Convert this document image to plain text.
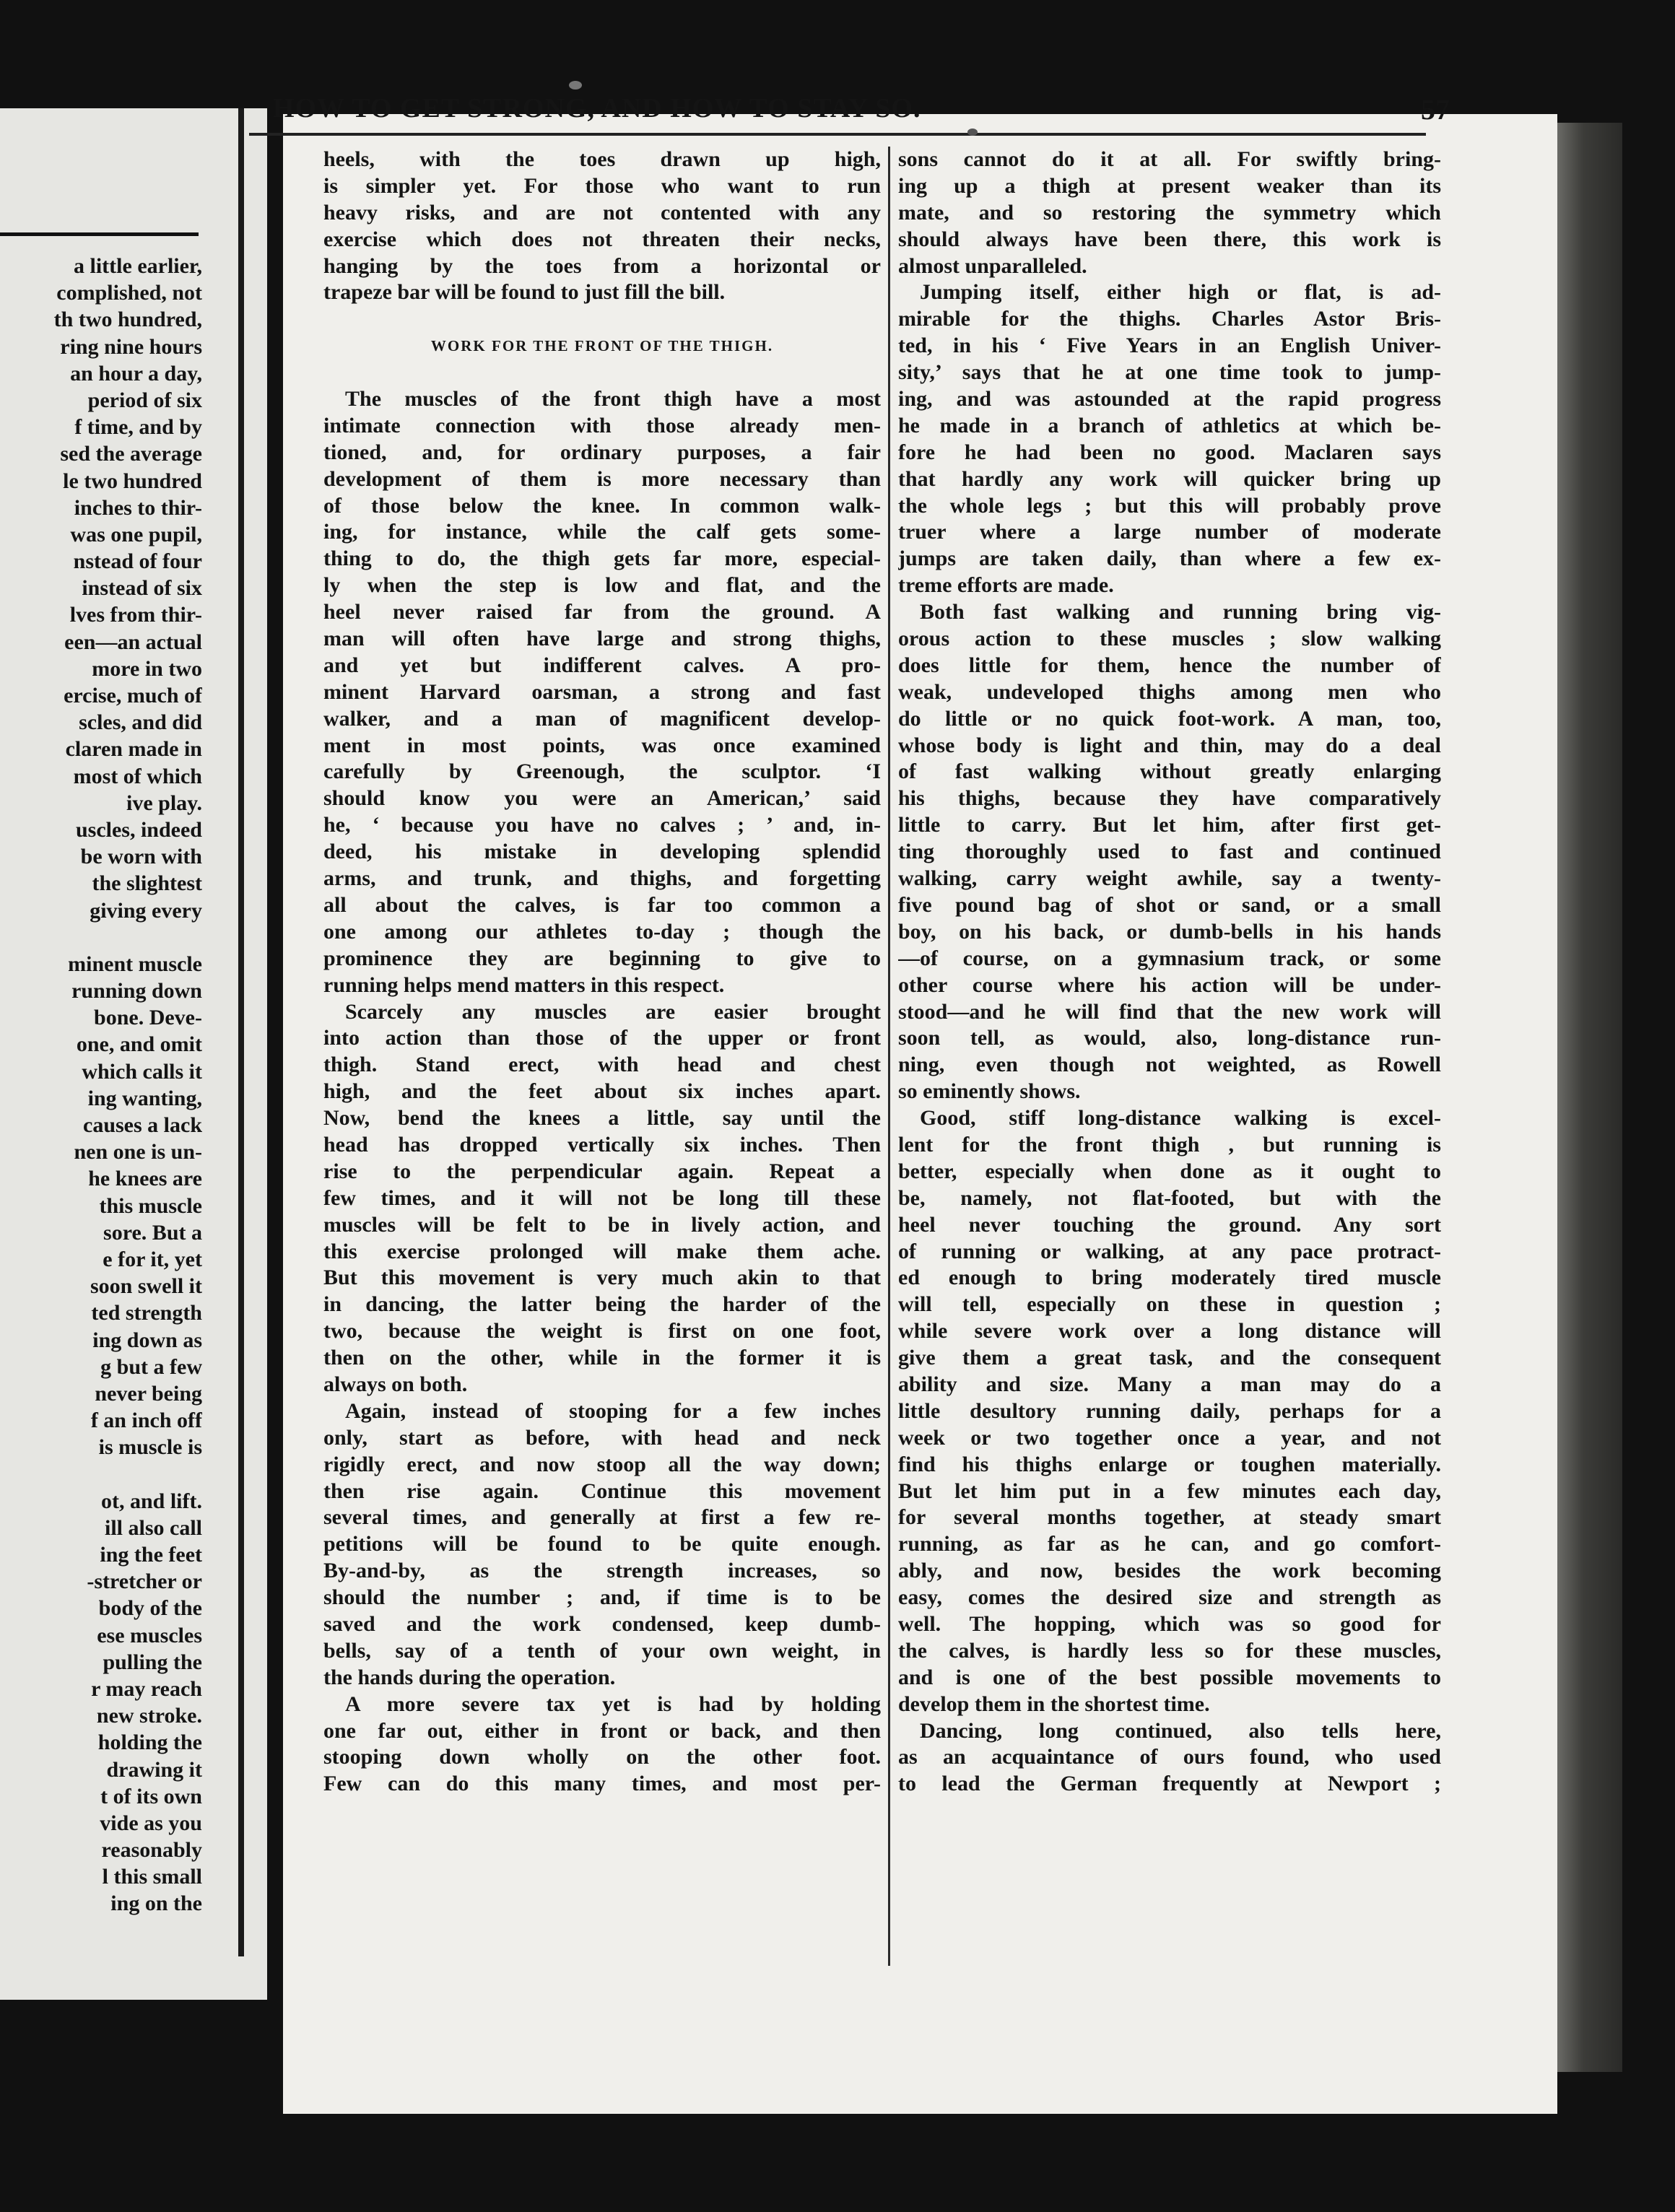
a little earlier,
complished, not
th two hundred,
ring nine hours
an hour a day,
period of six
f time, and by
sed the average
le two hundred
inches to thir-
was one pupil,
nstead of four
instead of six
lves from thir-
een—an actual
more in two
ercise, much of
scles, and did
claren made in
most of which
ive play.
uscles, indeed
be worn with
the slightest
giving every
minent muscle
running down
bone. Deve-
one, and omit
which calls it
ing wanting,
causes a lack
nen one is un-
he knees are
this muscle
sore. But a
e for it, yet
soon swell it
ted strength
ing down as
g but a few
never being
f an inch off
is muscle is
ot, and lift.
ill also call
ing the feet
-stretcher or
body of the
ese muscles
pulling the
r may reach
new stroke.
holding the
drawing it
t of its own
vide as you
reasonably
l this small
ing on the
HOW TO GET STRONG, AND HOW TO STAY SO.	57
heels, with the toes drawn up high,
is simpler yet. For those who want to run
heavy risks, and are not contented with any
exercise which does not threaten their necks,
hanging by the toes from a horizontal or
trapeze bar will be found to just fill the bill.
WORK FOR THE FRONT OF THE THIGH.
The muscles of the front thigh have a most
intimate connection with those already men-
tioned, and, for ordinary purposes, a fair
development of them is more necessary than
of those below the knee. In common walk-
ing, for instance, while the calf gets some-
thing to do, the thigh gets far more, especial-
ly when the step is low and flat, and the
heel never raised far from the ground. A
man will often have large and strong thighs,
and yet but indifferent calves. A pro-
minent Harvard oarsman, a strong and fast
walker, and a man of magnificent develop-
ment in most points, was once examined
carefully by Greenough, the sculptor. ‘I
should know you were an American,’ said
he, ‘ because you have no calves ; ’ and, in-
deed, his mistake in developing splendid
arms, and trunk, and thighs, and forgetting
all about the calves, is far too common a
one among our athletes to-day ; though the
prominence they are beginning to give to
running helps mend matters in this respect.
Scarcely any muscles are easier brought
into action than those of the upper or front
thigh. Stand erect, with head and chest
high, and the feet about six inches apart.
Now, bend the knees a little, say until the
head has dropped vertically six inches. Then
rise to the perpendicular again. Repeat a
few times, and it will not be long till these
muscles will be felt to be in lively action, and
this exercise prolonged will make them ache.
But this movement is very much akin to that
in dancing, the latter being the harder of the
two, because the weight is first on one foot,
then on the other, while in the former it is
always on both.
Again, instead of stooping for a few inches
only, start as before, with head and neck
rigidly erect, and now stoop all the way down;
then rise again. Continue this movement
several times, and generally at first a few re-
petitions will be found to be quite enough.
By-and-by, as the strength increases, so
should the number ; and, if time is to be
saved and the work condensed, keep dumb-
bells, say of a tenth of your own weight, in
the hands during the operation.
A more severe tax yet is had by holding
one far out, either in front or back, and then
stooping down wholly on the other foot.
Few can do this many times, and most per-
sons cannot do it at all. For swiftly bring-
ing up a thigh at present weaker than its
mate, and so restoring the symmetry which
should always have been there, this work is
almost unparalleled.
Jumping itself, either high or flat, is ad-
mirable for the thighs. Charles Astor Bris-
ted, in his ‘ Five Years in an English Univer-
sity,’ says that he at one time took to jump-
ing, and was astounded at the rapid progress
he made in a branch of athletics at which be-
fore he had been no good. Maclaren says
that hardly any work will quicker bring up
the whole legs ; but this will probably prove
truer where a large number of moderate
jumps are taken daily, than where a few ex-
treme efforts are made.
Both fast walking and running bring vig-
orous action to these muscles ; slow walking
does little for them, hence the number of
weak, undeveloped thighs among men who
do little or no quick foot-work. A man, too,
whose body is light and thin, may do a deal
of fast walking without greatly enlarging
his thighs, because they have comparatively
little to carry. But let him, after first get-
ting thoroughly used to fast and continued
walking, carry weight awhile, say a twenty-
five pound bag of shot or sand, or a small
boy, on his back, or dumb-bells in his hands
—of course, on a gymnasium track, or some
other course where his action will be under-
stood—and he will find that the new work will
soon tell, as would, also, long-distance run-
ning, even though not weighted, as Rowell
so eminently shows.
Good, stiff long-distance walking is excel-
lent for the front thigh , but running is
better, especially when done as it ought to
be, namely, not flat-footed, but with the
heel never touching the ground. Any sort
of running or walking, at any pace protract-
ed enough to bring moderately tired muscle
will tell, especially on these in question ;
while severe work over a long distance will
give them a great task, and the consequent
ability and size. Many a man may do a
little desultory running daily, perhaps for a
week or two together once a year, and not
find his thighs enlarge or toughen materially.
But let him put in a few minutes each day,
for several months together, at steady smart
running, as far as he can, and go comfort-
ably, and now, besides the work becoming
easy, comes the desired size and strength as
well. The hopping, which was so good for
the calves, is hardly less so for these muscles,
and is one of the best possible movements to
develop them in the shortest time.
Dancing, long continued, also tells here,
as an acquaintance of ours found, who used
to lead the German frequently at Newport ;
